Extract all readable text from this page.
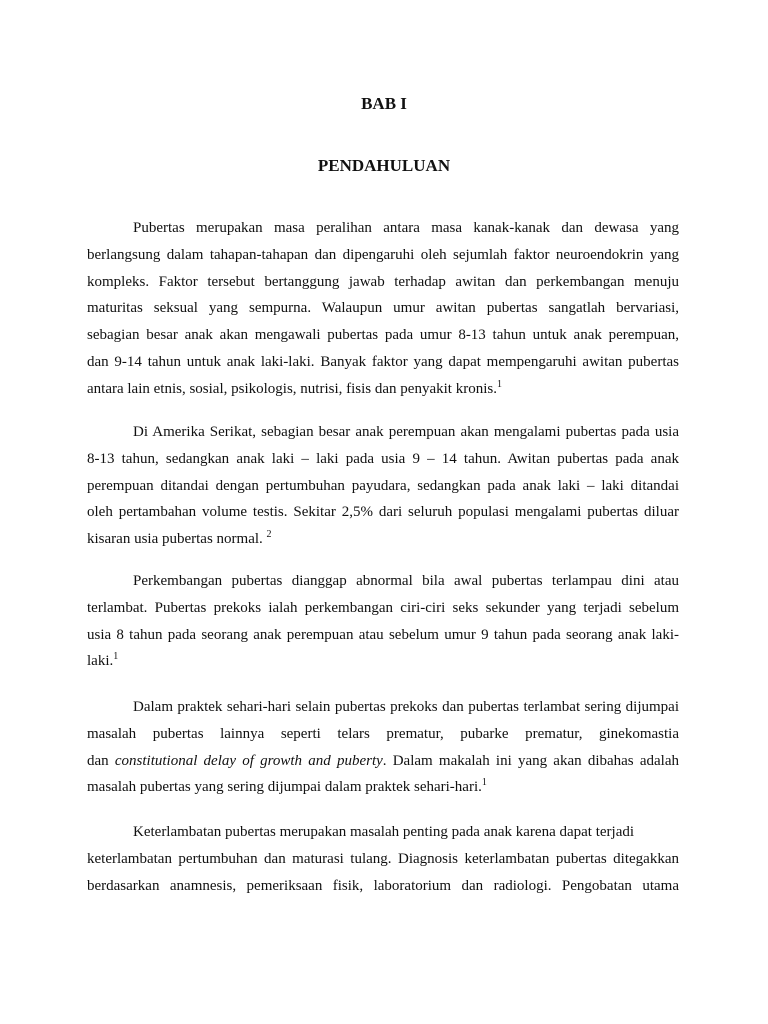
BAB I
PENDAHULUAN
Pubertas merupakan masa peralihan antara masa kanak-kanak dan dewasa yang
berlangsung dalam tahapan-tahapan dan dipengaruhi oleh sejumlah faktor neuroendokrin yang
kompleks. Faktor tersebut bertanggung jawab terhadap awitan dan perkembangan menuju
maturitas seksual yang sempurna. Walaupun umur awitan pubertas sangatlah bervariasi,
sebagian besar anak akan mengawali pubertas pada umur 8-13 tahun untuk anak perempuan,
dan 9-14 tahun untuk anak laki-laki. Banyak faktor yang dapat mempengaruhi awitan pubertas
antara lain etnis, sosial, psikologis, nutrisi, fisis dan penyakit kronis.$^1$
Di Amerika Serikat, sebagian besar anak perempuan akan mengalami pubertas pada usia
8-13 tahun, sedangkan anak laki – laki pada usia 9 – 14 tahun. Awitan pubertas pada anak
perempuan ditandai dengan pertumbuhan payudara, sedangkan pada anak laki – laki ditandai
oleh pertambahan volume testis. Sekitar 2,5% dari seluruh populasi mengalami pubertas diluar
kisaran usia pubertas normal. $^2$
Perkembangan pubertas dianggap abnormal bila awal pubertas terlampau dini atau
terlambat. Pubertas prekoks ialah perkembangan ciri-ciri seks sekunder yang terjadi sebelum
usia 8 tahun pada seorang anak perempuan atau sebelum umur 9 tahun pada seorang anak laki-
laki.$^1$
Dalam praktek sehari-hari selain pubertas prekoks dan pubertas terlambat sering dijumpai
masalah pubertas lainnya seperti telars prematur, pubarke prematur, ginekomastia
dan constitutional delay of growth and puberty. Dalam makalah ini yang akan dibahas adalah
masalah pubertas yang sering dijumpai dalam praktek sehari-hari.$^1$
Keterlambatan pubertas merupakan masalah penting pada anak karena dapat terjadi
keterlambatan pertumbuhan dan maturasi tulang. Diagnosis keterlambatan pubertas ditegakkan
berdasarkan anamnesis, pemeriksaan fisik, laboratorium dan radiologi. Pengobatan utama
